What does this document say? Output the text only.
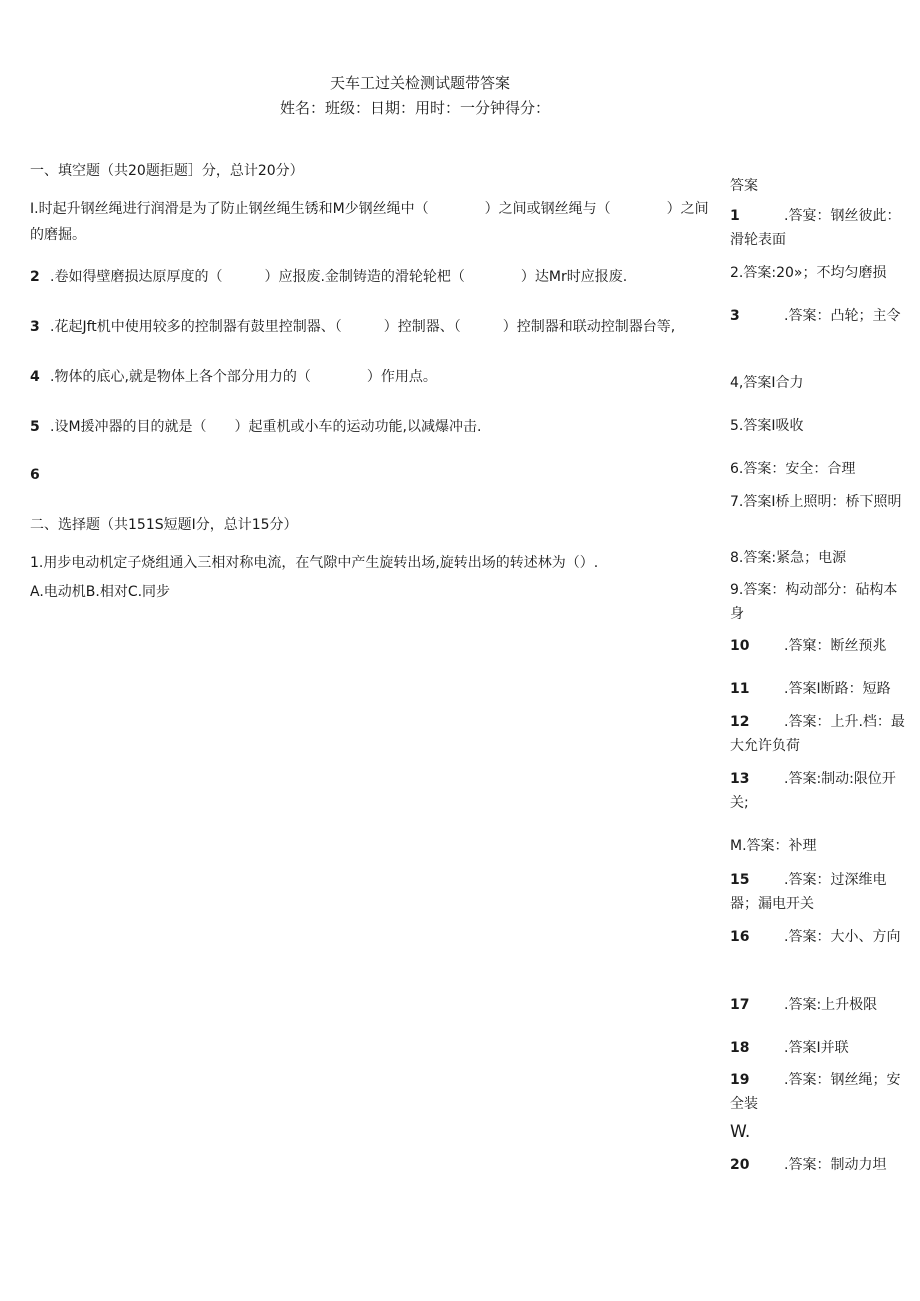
天车工过关检测试题带答案
姓名：班级：日期：用时：一分钟得分：
一、填空题（共20题拒题］分，总计20分）
I.时起升钢丝绳进行润滑是为了防止钢丝绳生锈和M少钢丝绳中（　　　　）之间或钢丝绳与（　　　　）之间的磨掘。
2 .卷如得壁磨损达原厚度的（　　　）应报废.金制铸造的滑轮轮杷（　　　　）达Mr时应报废.
3 .花起Jft机中使用较多的控制器有鼓里控制器、（　　　）控制器、（　　　）控制器和联动控制器台等,
4 .物体的底心,就是物体上各个部分用力的（　　　　）作用点。
5 .设M援冲器的目的就是（　　）起重机或小车的运动功能,以减爆冲击.
6
二、选择题（共151S短题I分，总计15分）
1.用步电动机定子烧组通入三相对称电流，在气隙中产生旋转出场,旋转出场的转述林为（）.
A.电动机B.相对C.同步
答案
1	.答宴：钢丝彼此：滑轮表面
2.答案:20»；不均匀磨损
3	.答案：凸轮；主令
4,答案I合力
5.答案I吸收
6.答案：安全：合理
7.答案I桥上照明：桥下照明
8.答案:紧急；电源
9.答案：构动部分：砧构本身
10 .答窠：断丝预兆
11 .答案I断路：短路
12 .答案：上升.档：最大允许负荷
13 .答案:制动:限位开关;
M.答案：补理
15 .答案：过深维电器；漏电开关
16 .答案：大小、方向
17 .答案:上升极限
18 .答案I并联
19 .答案：钢丝绳；安全装
W.
20 .答案：制动力坦
